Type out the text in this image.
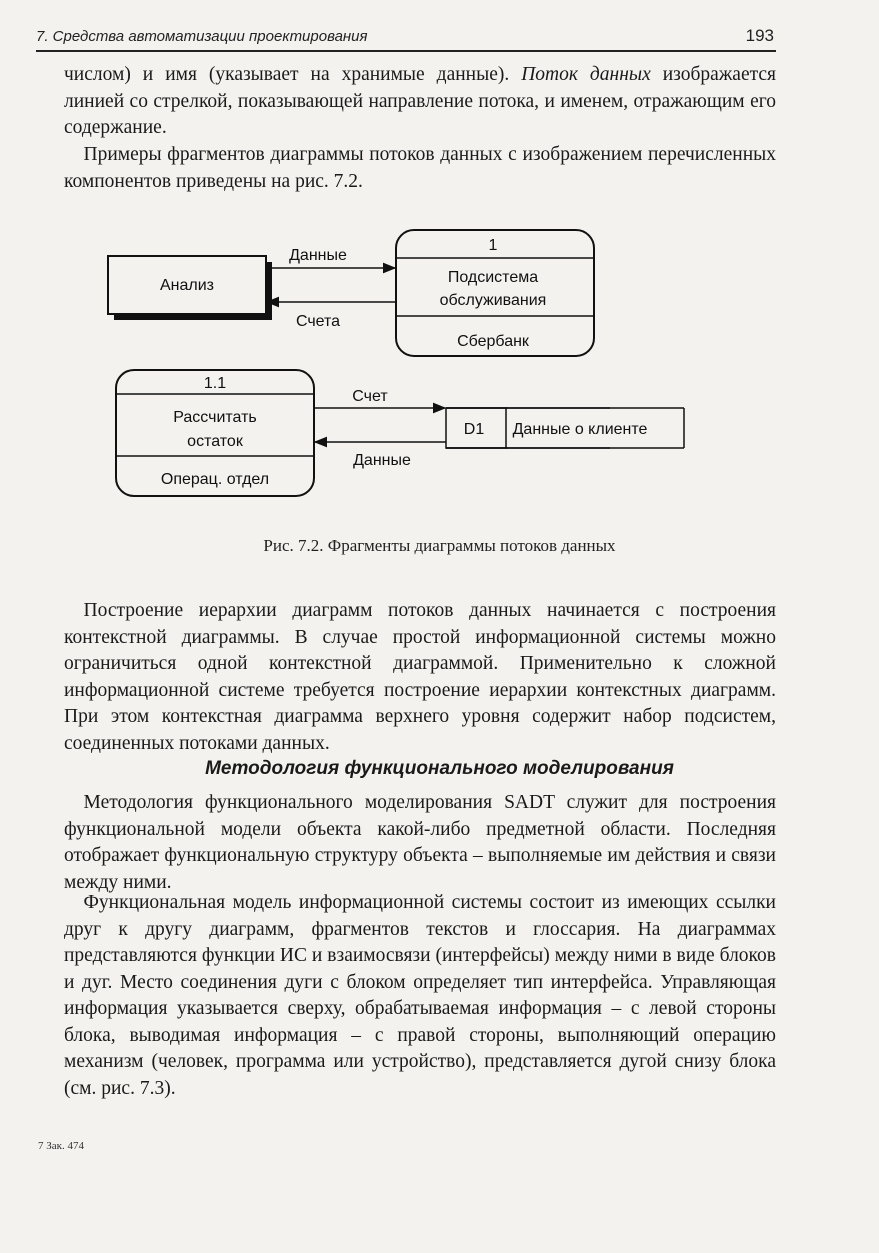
7. Средства автоматизации проектирования	193

числом) и имя (указывает на хранимые данные). Поток данных изображается линией со стрелкой, показывающей направление потока, и именем, отражающим его содержание.

 Примеры фрагментов диаграммы потоков данных с изображением перечисленных компонентов приведены на рис. 7.2.

Анализ
1
Подсистема
обслуживания
Сбербанк
Данные
Счета
1.1
Рассчитать
остаток
Операц. отдел
D1
Счет
Данные
Данные о клиенте
Рис. 7.2. Фрагменты диаграммы потоков данных

 Построение иерархии диаграмм потоков данных начинается с построения контекстной диаграммы. В случае простой информационной системы можно ограничиться одной контекстной диаграммой. Применительно к сложной информационной системе требуется построение иерархии контекстных диаграмм. При этом контекстная диаграмма верхнего уровня содержит набор подсистем, соединенных потоками данных.

Методология функционального моделирования

 Методология функционального моделирования SADT служит для построения функциональной модели объекта какой-либо предметной области. Последняя отображает функциональную структуру объекта – выполняемые им действия и связи между ними.

 Функциональная модель информационной системы состоит из имеющих ссылки друг к другу диаграмм, фрагментов текстов и глоссария. На диаграммах представляются функции ИС и взаимосвязи (интерфейсы) между ними в виде блоков и дуг. Место соединения дуги с блоком определяет тип интерфейса. Управляющая информация указывается сверху, обрабатываемая информация – с левой стороны блока, выводимая информация – с правой стороны, выполняющий операцию механизм (человек, программа или устройство), представляется дугой снизу блока (см. рис. 7.3).

7 Зак. 474
